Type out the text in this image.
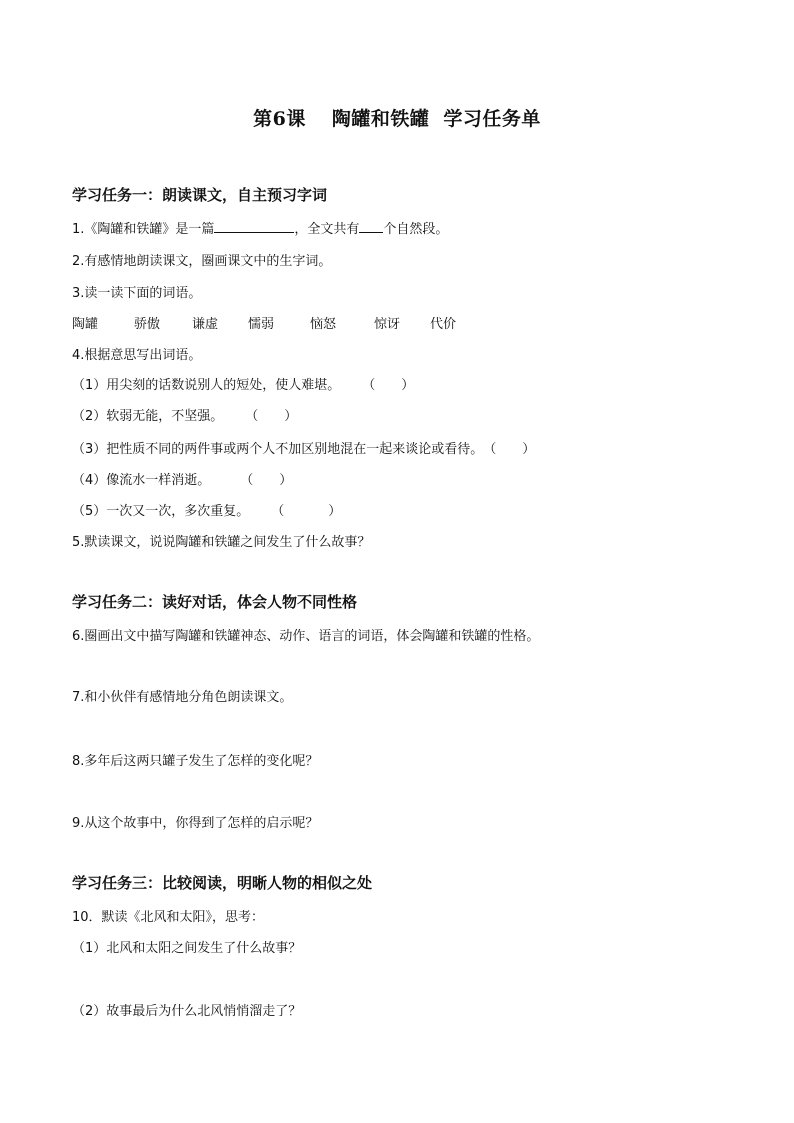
第6课 陶罐和铁罐 学习任务单
学习任务一：朗读课文，自主预习字词
1.《陶罐和铁罐》是一篇	，全文共有 个自然段。
2.有感情地朗读课文，圈画课文中的生字词。
3.读一读下面的词语。
陶罐	骄傲 谦虚 懦弱	恼怒	惊讶 代价
4.根据意思写出词语。
（1）用尖刻的话数说别人的短处，使人难堪。 （ ）
（2）软弱无能，不坚强。 （ ）
（3）把性质不同的两件事或两个人不加区别地混在一起来谈论或看待。（ ）
（4）像流水一样消逝。 （ ）
（5）一次又一次，多次重复。 （	）
5.默读课文，说说陶罐和铁罐之间发生了什么故事？
学习任务二：读好对话，体会人物不同性格
6.圈画出文中描写陶罐和铁罐神态、动作、语言的词语，体会陶罐和铁罐的性格。
7.和小伙伴有感情地分角色朗读课文。
8.多年后这两只罐子发生了怎样的变化呢？
9.从这个故事中，你得到了怎样的启示呢？
学习任务三：比较阅读，明晰人物的相似之处
10．默读《北风和太阳》，思考：
（1）北风和太阳之间发生了什么故事？
（2）故事最后为什么北风悄悄溜走了？
